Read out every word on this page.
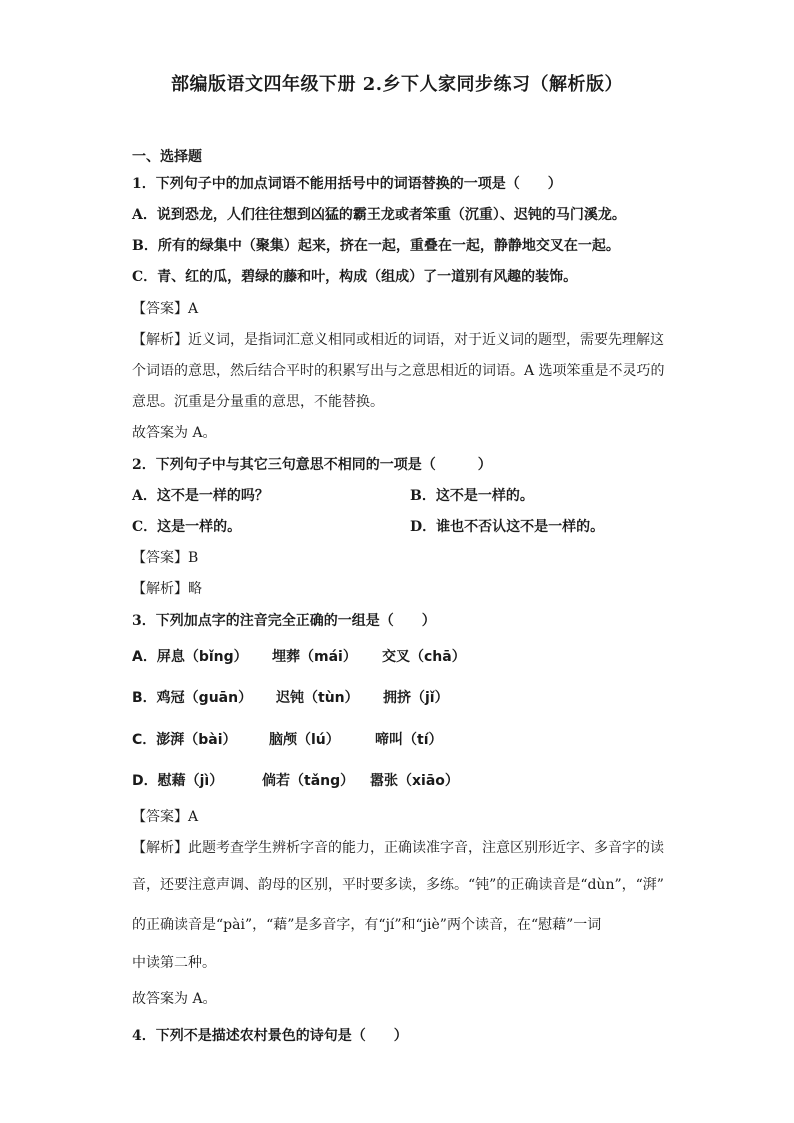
部编版语文四年级下册 2.乡下人家同步练习（解析版）
一、选择题
1．下列句子中的加点词语不能用括号中的词语替换的一项是（　　）
A．说到恐龙，人们往往想到凶猛的霸王龙或者笨重（沉重）、迟钝的马门溪龙。
B．所有的绿集中（聚集）起来，挤在一起，重叠在一起，静静地交叉在一起。
C．青、红的瓜，碧绿的藤和叶，构成（组成）了一道别有风趣的装饰。
【答案】A
【解析】近义词，是指词汇意义相同或相近的词语，对于近义词的题型，需要先理解这
个词语的意思，然后结合平时的积累写出与之意思相近的词语。A 选项笨重是不灵巧的
意思。沉重是分量重的意思，不能替换。
故答案为 A。
2．下列句子中与其它三句意思不相同的一项是（　　　）
A．这不是一样的吗？	B．这不是一样的。
C．这是一样的。	D．谁也不否认这不是一样的。
【答案】B
【解析】略
3．下列加点字的注音完全正确的一组是（　　）
A．屏息（bǐng） 埋葬（mái） 交叉（chā）
B．鸡冠（guān） 迟钝（tùn） 拥挤（jǐ）
C．澎湃（bài） 脑颅（lú）	啼叫（tí）
D．慰藉（jì）	倘若（tǎng） 嚣张（xiāo）
【答案】A
【解析】此题考查学生辨析字音的能力，正确读准字音，注意区别形近字、多音字的读
音，还要注意声调、韵母的区别，平时要多读，多练。“钝”的正确读音是“dùn”，“湃”
的正确读音是“pài”，“藉”是多音字，有“jí”和“jiè”两个读音，在“慰藉”一词
中读第二种。
故答案为 A。
4．下列不是描述农村景色的诗句是（　　）
